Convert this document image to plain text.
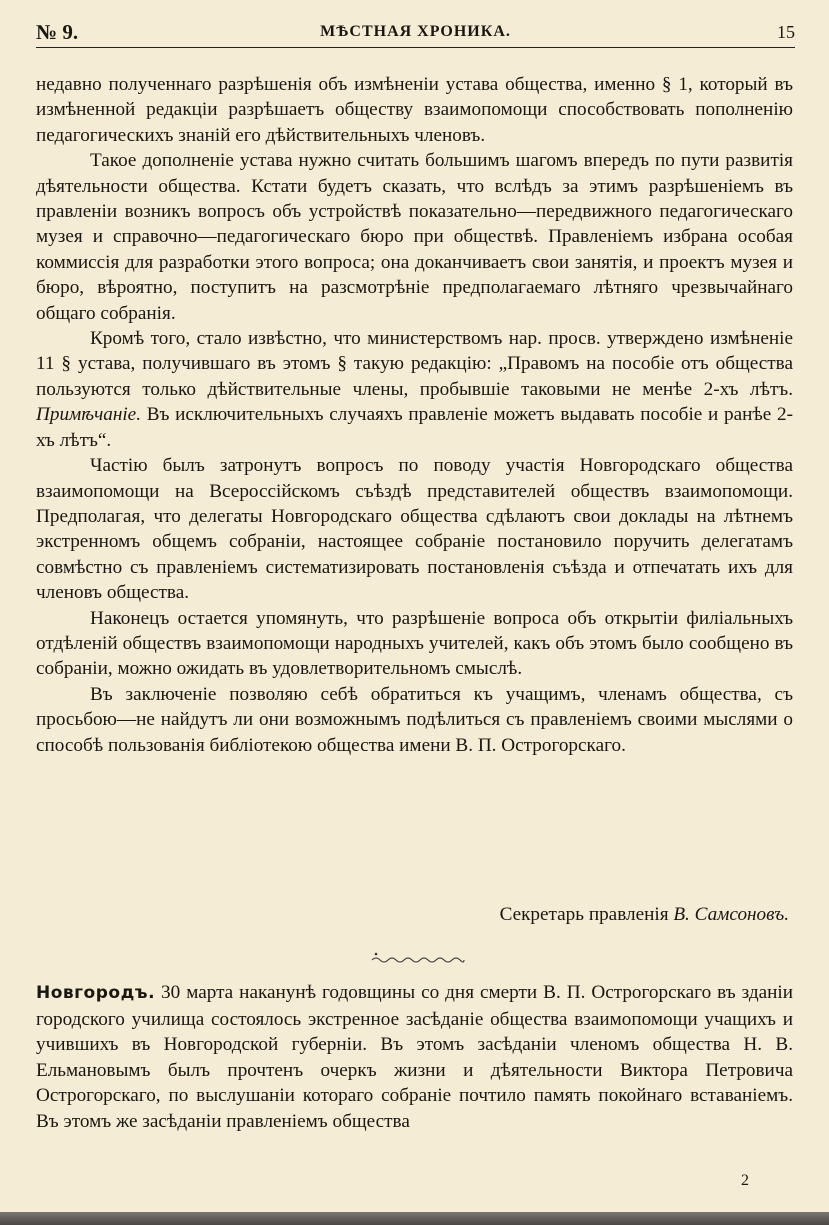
№ 9.	МѢСТНАЯ ХРОНИКА.	15

недавно полученнаго разрѣшенія объ измѣненіи устава общества, именно § 1, который въ измѣненной редакціи разрѣшаетъ обществу взаимопомощи способствовать пополненію педагогическихъ знаній его дѣйствительныхъ членовъ.

Такое дополненіе устава нужно считать большимъ шагомъ впередъ по пути развитія дѣятельности общества. Кстати будетъ сказать, что вслѣдъ за этимъ разрѣшеніемъ въ правленіи возникъ вопросъ объ устройствѣ показательно—передвижного педагогическаго музея и справочно—педагогическаго бюро при обществѣ. Правленіемъ избрана особая коммиссія для разработки этого вопроса; она доканчиваетъ свои занятія, и проектъ музея и бюро, вѣроятно, поступитъ на разсмотрѣніе предполагаемаго лѣтняго чрезвычайнаго общаго собранія.

Кромѣ того, стало извѣстно, что министерствомъ нар. просв. утверждено измѣненіе 11 § устава, получившаго въ этомъ § такую редакцію: „Правомъ на пособіе отъ общества пользуются только дѣйствительные члены, пробывшіе таковыми не менѣе 2-хъ лѣтъ. Примѣчаніе. Въ исключительныхъ случаяхъ правленіе можетъ выдавать пособіе и ранѣе 2-хъ лѣтъ“.

Частію былъ затронутъ вопросъ по поводу участія Новгородскаго общества взаимопомощи на Всероссійскомъ съѣздѣ представителей обществъ взаимопомощи. Предполагая, что делегаты Новгородскаго общества сдѣлаютъ свои доклады на лѣтнемъ экстренномъ общемъ собраніи, настоящее собраніе постановило поручить делегатамъ совмѣстно съ правленіемъ систематизировать постановленія съѣзда и отпечатать ихъ для членовъ общества.

Наконецъ остается упомянуть, что разрѣшеніе вопроса объ открытіи филіальныхъ отдѣленій обществъ взаимопомощи народныхъ учителей, какъ объ этомъ было сообщено въ собраніи, можно ожидать въ удовлетворительномъ смыслѣ.

Въ заключеніе позволяю себѣ обратиться къ учащимъ, членамъ общества, съ просьбою—не найдутъ ли они возможнымъ подѣлиться съ правленіемъ своими мыслями о способѣ пользованія библіотекою общества имени В. П. Острогорскаго.

Секретарь правленія В. Самсоновъ.

Новгородъ. 30 марта наканунѣ годовщины со дня смерти В. П. Острогорскаго въ зданіи городского училища состоялось экстренное засѣданіе общества взаимопомощи учащихъ и учившихъ въ Новгородской губерніи. Въ этомъ засѣданіи членомъ общества Н. В. Ельмановымъ былъ прочтенъ очеркъ жизни и дѣятельности Виктора Петровича Острогорскаго, по выслушаніи котораго собраніе почтило память покойнаго вставаніемъ. Въ этомъ же засѣданіи правленіемъ общества

2
